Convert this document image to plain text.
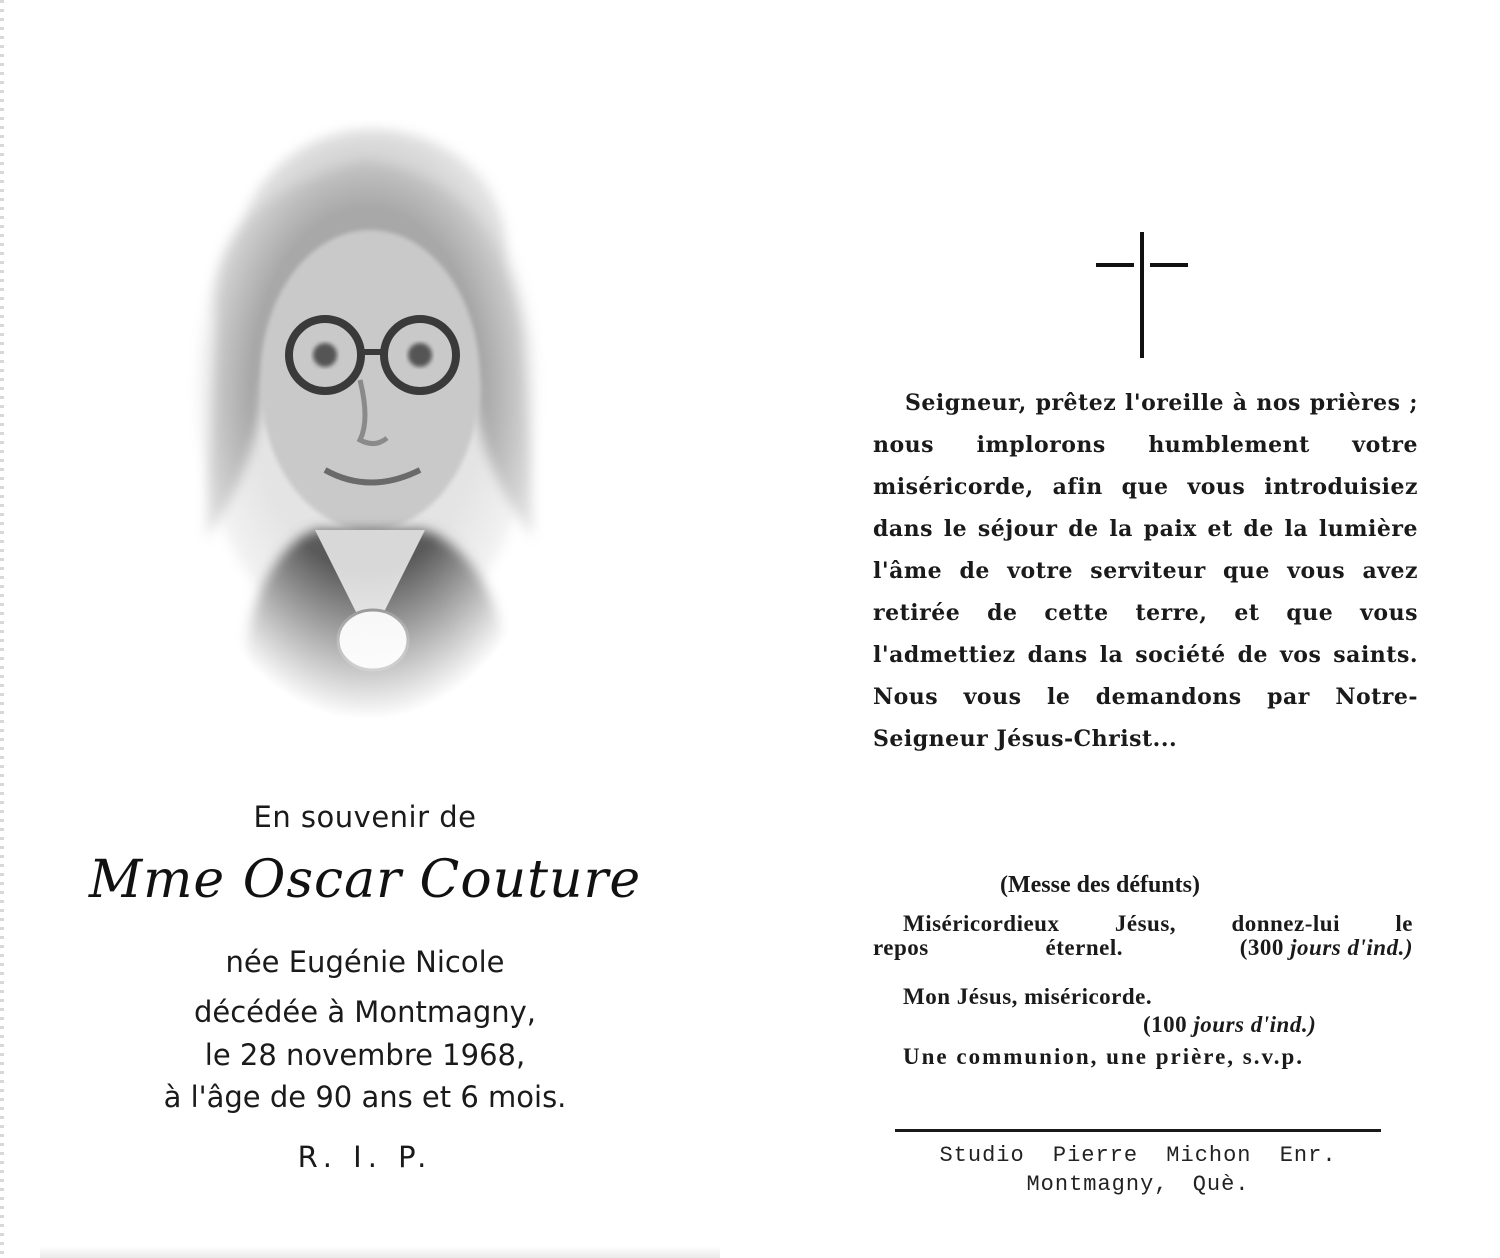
En souvenir de
Mme Oscar Couture
née Eugénie Nicole
décédée à Montmagny,
le 28 novembre 1968,
à l'âge de 90 ans et 6 mois.
R. I. P.
Seigneur, prêtez l'oreille à nos prières ; nous implorons humblement votre miséricorde, afin que vous introduisiez dans le séjour de la paix et de la lumière l'âme de votre serviteur que vous avez retirée de cette terre, et que vous l'admettiez dans la société de vos saints. Nous vous le demandons par Notre-Seigneur Jésus-Christ...
(Messe des défunts)
Miséricordieux Jésus, donnez-lui le
repos	éternel.	(300 jours d'ind.)
Mon Jésus, miséricorde.
(100 jours d'ind.)
Une communion, une prière, s.v.p.
Studio Pierre Michon Enr.
Montmagny, Què.
